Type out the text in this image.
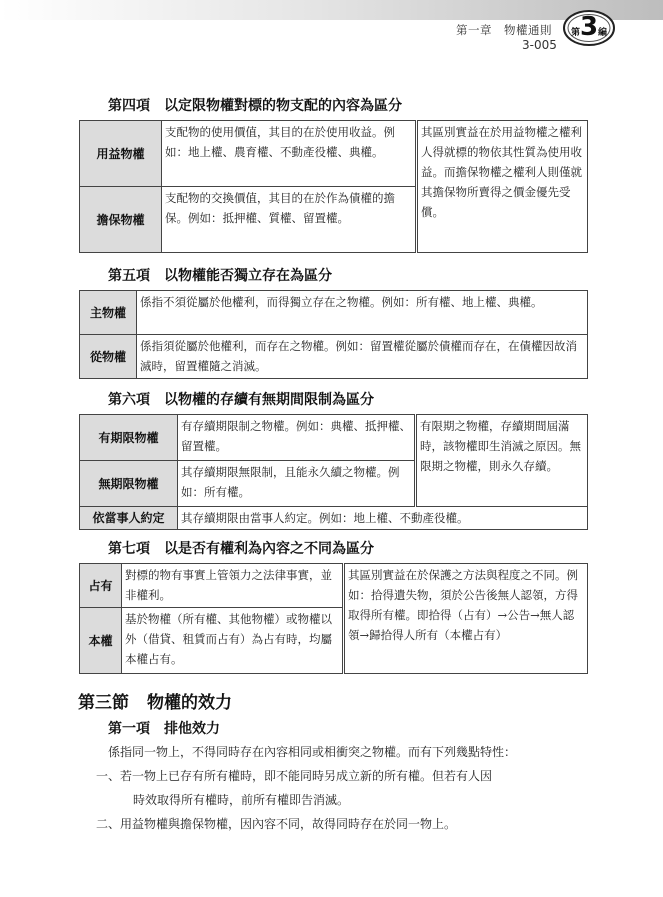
第一章　物權通則
3-005
第3編
第四項 以定限物權對標的物支配的內容為區分
用益物權	支配物的使用價值，其目的在於使用收益。例如：地上權、農育權、不動產役權、典權。	其區別實益在於用益物權之權利人得就標的物依其性質為使用收益。而擔保物權之權利人則僅就其擔保物所賣得之價金優先受償。
擔保物權	支配物的交換價值，其目的在於作為債權的擔保。例如：抵押權、質權、留置權。	
第五項 以物權能否獨立存在為區分
主物權	係指不須從屬於他權利，而得獨立存在之物權。例如：所有權、地上權、典權。
從物權	係指須從屬於他權利，而存在之物權。例如：留置權從屬於債權而存在，在債權因故消滅時，留置權隨之消滅。
第六項 以物權的存續有無期間限制為區分
有期限物權	有存續期限制之物權。例如：典權、抵押權、留置權。	有限期之物權，存續期間屆滿時，該物權即生消滅之原因。無限期之物權，則永久存續。
無期限物權	其存續期限無限制，且能永久續之物權。例如：所有權。	
依當事人約定	其存續期限由當事人約定。例如：地上權、不動產役權。	
第七項 以是否有權利為內容之不同為區分
占有	對標的物有事實上管領力之法律事實，並非權利。	其區別實益在於保護之方法與程度之不同。例如：拾得遺失物，須於公告後無人認領，方得取得所有權。即拾得（占有）→公告→無人認領→歸拾得人所有（本權占有）
本權	基於物權（所有權、其他物權）或物權以外（借貸、租賃而占有）為占有時，均屬本權占有。	
第三節 物權的效力
第一項 排他效力
係指同一物上，不得同時存在內容相同或相衝突之物權。而有下列幾點特性：
一、若一物上已存有所有權時，即不能同時另成立新的所有權。但若有人因
時效取得所有權時，前所有權即告消滅。
二、用益物權與擔保物權，因內容不同，故得同時存在於同一物上。
